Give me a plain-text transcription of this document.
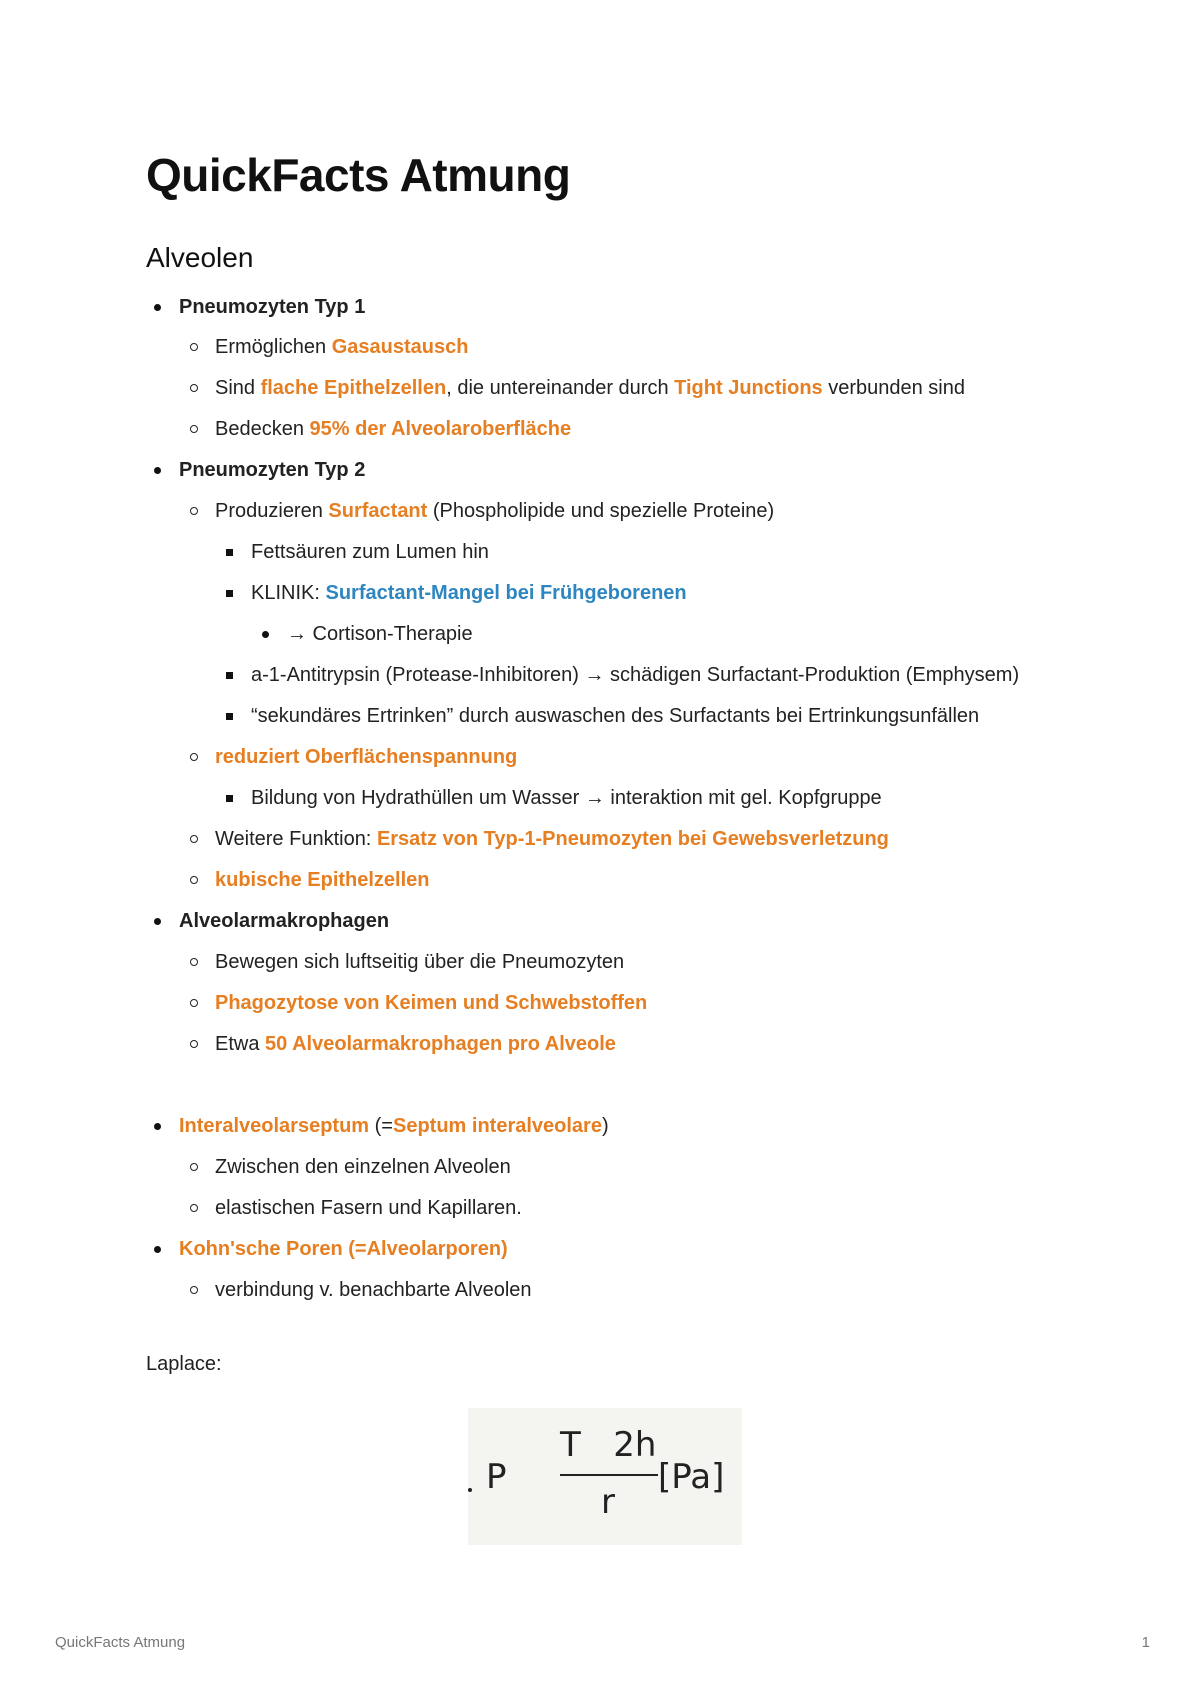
QuickFacts Atmung
Alveolen
Pneumozyten Typ 1
Ermöglichen Gasaustausch
Sind flache Epithelzellen, die untereinander durch Tight Junctions verbunden sind
Bedecken 95% der Alveolaroberfläche
Pneumozyten Typ 2
Produzieren Surfactant (Phospholipide und spezielle Proteine)
Fettsäuren zum Lumen hin
KLINIK: Surfactant-Mangel bei Frühgeborenen
→ Cortison-Therapie
a-1-Antitrypsin (Protease-Inhibitoren) → schädigen Surfactant-Produktion (Emphysem)
“sekundäres Ertrinken” durch auswaschen des Surfactants bei Ertrinkungsunfällen
reduziert Oberflächenspannung
Bildung von Hydrathüllen um Wasser → interaktion mit gel. Kopfgruppe
Weitere Funktion: Ersatz von Typ-1-Pneumozyten bei Gewebsverletzung
kubische Epithelzellen
Alveolarmakrophagen
Bewegen sich luftseitig über die Pneumozyten
Phagozytose von Keimen und Schwebstoffen
Etwa 50 Alveolarmakrophagen pro Alveole
Interalveolarseptum (=Septum interalveolare)
Zwischen den einzelnen Alveolen
elastischen Fasern und Kapillaren.
Kohn'sche Poren (=Alveolarporen)
verbindung v. benachbarte Alveolen
Laplace:
P
T   2h
r
[Pa]
QuickFacts Atmung	1
